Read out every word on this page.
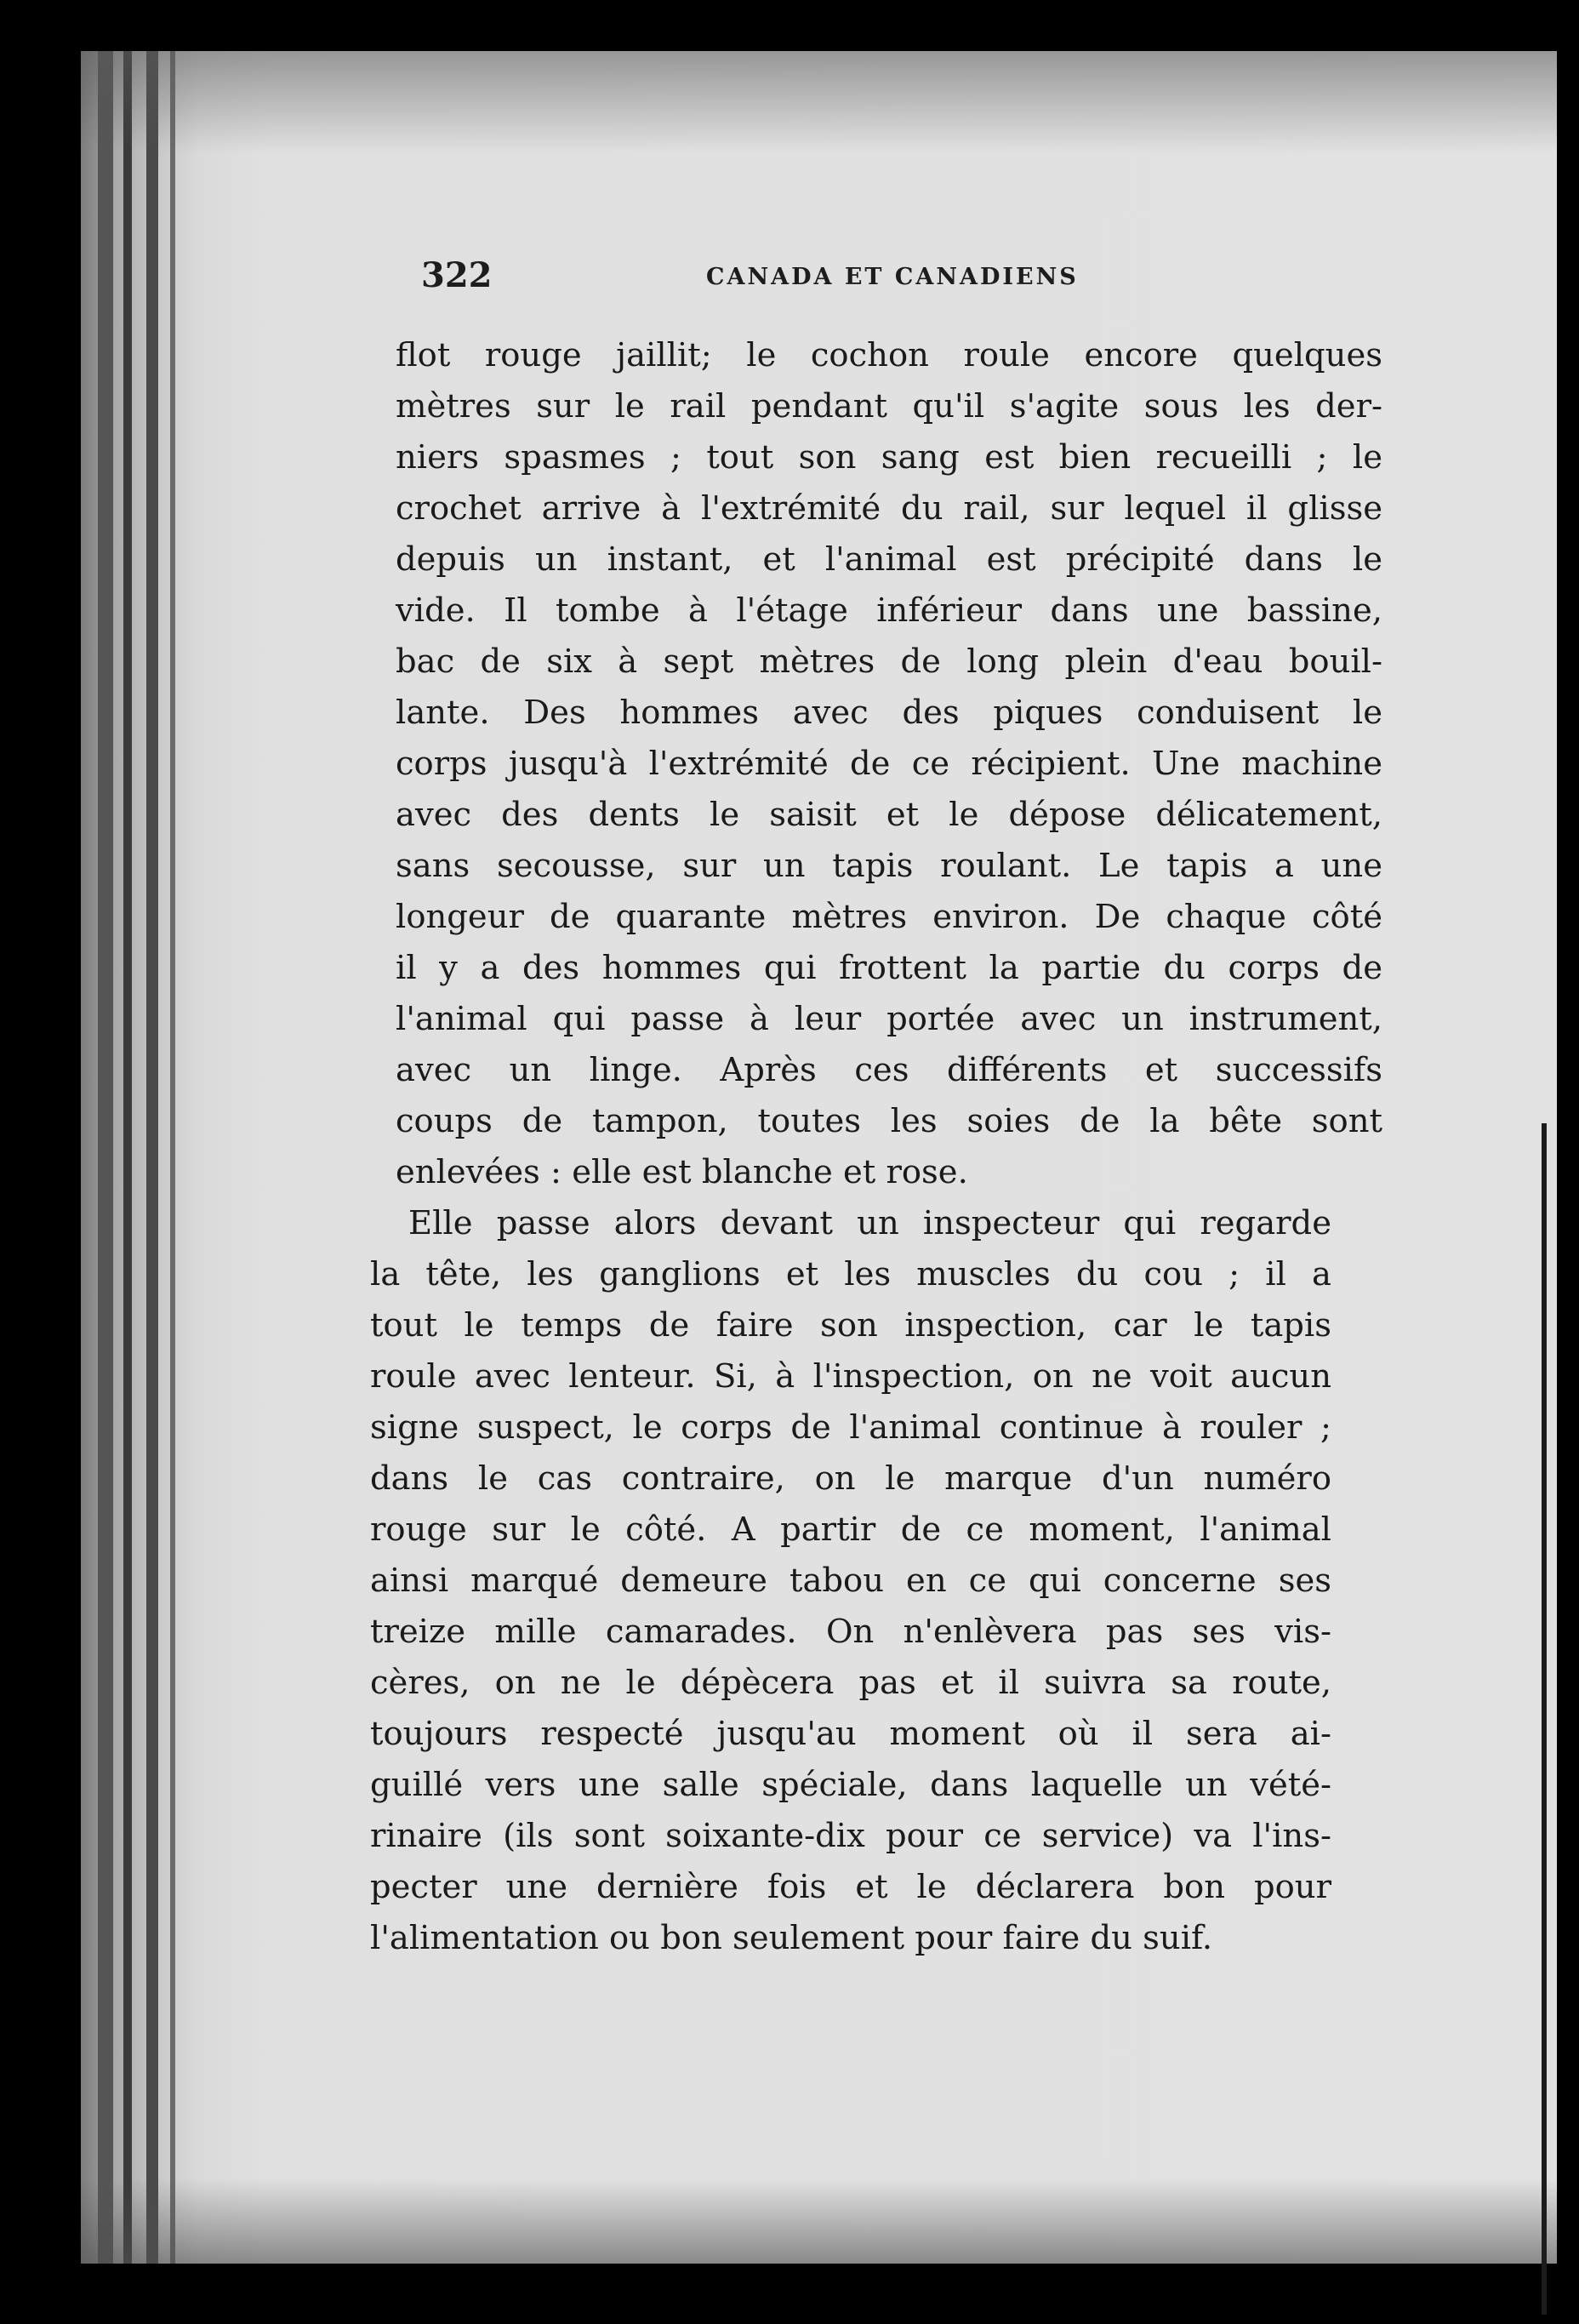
322	CANADA ET CANADIENS
flot rouge jaillit; le cochon roule encore quelques
mètres sur le rail pendant qu'il s'agite sous les der-
niers spasmes ; tout son sang est bien recueilli ; le
crochet arrive à l'extrémité du rail, sur lequel il glisse
depuis un instant, et l'animal est précipité dans le
vide. Il tombe à l'étage inférieur dans une bassine,
bac de six à sept mètres de long plein d'eau bouil-
lante. Des hommes avec des piques conduisent le
corps jusqu'à l'extrémité de ce récipient. Une machine
avec des dents le saisit et le dépose délicatement,
sans secousse, sur un tapis roulant. Le tapis a une
longeur de quarante mètres environ. De chaque côté
il y a des hommes qui frottent la partie du corps de
l'animal qui passe à leur portée avec un instrument,
avec un linge. Après ces différents et successifs
coups de tampon, toutes les soies de la bête sont
enlevées : elle est blanche et rose.
Elle passe alors devant un inspecteur qui regarde
la tête, les ganglions et les muscles du cou ; il a
tout le temps de faire son inspection, car le tapis
roule avec lenteur. Si, à l'inspection, on ne voit aucun
signe suspect, le corps de l'animal continue à rouler ;
dans le cas contraire, on le marque d'un numéro
rouge sur le côté. A partir de ce moment, l'animal
ainsi marqué demeure tabou en ce qui concerne ses
treize mille camarades. On n'enlèvera pas ses vis-
cères, on ne le dépècera pas et il suivra sa route,
toujours respecté jusqu'au moment où il sera ai-
guillé vers une salle spéciale, dans laquelle un vété-
rinaire (ils sont soixante-dix pour ce service) va l'ins-
pecter une dernière fois et le déclarera bon pour
l'alimentation ou bon seulement pour faire du suif.
